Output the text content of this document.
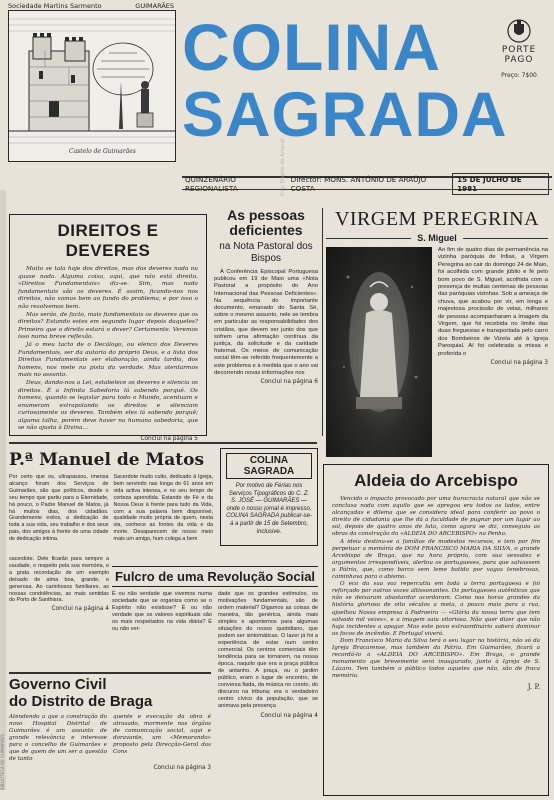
Sociedade Martins Sarmento	GUIMARÃES
Castelo de Guimarães
COLINA
SAGRADA
PORTE
PAGO
Preço: 7$00
QUINZENÁRIO REGIONALISTA
Director: MONS. ANTÓNIO DE ARAÚJO COSTA
15 DE JULHO DE 1981
BIBLIOTECA DE GUIMARÃES
Eng. Duarte do Amaral
DIREITOS E DEVERES
Muito se tala hoje dos direitos, mas dos deveres nada ou quase nada. Alguma coisa, aqui, que não está direito. «Direitos Fundamentais» diz-se. Sim, mas nada fundamentais são os deveres. É assim, ficando-nos nos direitos, não vamos bem ao fundo do problema, e por isso o não resolvemos bem.
Mas serão, de facto, mais fundamentais os deveres que os direitos? Estando estes em segundo lugar depois daqueles? Primeiro que o direito estará o dever? Certamente. Veremos isso numa breve reflexão.
Já o meu tacto de o Decálogo, ou elenco dos Deveres Fundamentais, ser da autoria do próprio Deus, e a lista dos Direitos Fundamentais ser elaboração, ainda tardia, dos homens, nos mete na pista da verdade. Mas atentarmos mais no assunto.
Deus, dando-nos a Lei, estabelece os deveres e silencia os direitos. É a Infinita Sabedoria lá sabendo porquê. Os homens, quando se legislar para todo o Mundo, acentuam e enumeram extrapolando os direitos e silenciam curiosamente os deveres. Também eles lá sabendo porquê; alguma talha, porém deve haver na humana sabedoria, que se não ajusta à Divina...
Conclui na página 5
As pessoas deficientes
na Nota Pastoral dos Bispos
A Conferência Episcopal Portuguesa publicou em 19 de Maio uma «Nota Pastoral a propósito do Ano Internacional das Pessoas Deficientes». Na sequência do importante documento, emanado do Santa Sé, sobre o mesmo assunto, nele se lembra em particular as responsabilidades dos cristãos, que devem ser junto dos que sofrem uma afirmação contínua da justiça, da solicitude e da caridade fraternal. Os meios de comunicação social têm-se referido frequentemente a este problema e à medida que o ano vai decorrendo novas informações nos
Conclui na página 6
VIRGEM PEREGRINA
S. Miguel
Ao fim de quatro dias de permanência na vizinha paróquia de Infias, a Virgem Peregrina ao cair do domingo 24 de Maio, foi acolhida com grande júbilo e fé pelo bom povo de S. Miguel, acolhida com a presença de muitas centenas de pessoas das paróquias vizinhas. Sob a ameaça de chuva, que acabou por vir, em longa e majestosa procissão de velas, milhares de pessoas acompanharam a Imagem da Virgem, que foi recebida no limite das duas freguesias e transportada pelo carro dos Bombeiros de Vizela até à Igreja Paroquial. Aí foi celebrada a missa e proferida o
Conclui na página 3
P.ª Manuel de Matos
Por certo que os, ultrapassou, imensa alcanço foram dos Serviços de Guimarães, são que políticos, desde o seu tempo que partiu para a Eternidade, há pouco, o Padre Manuel de Matos, já há muitos dias, dos cidadãos. Grandemente exilos, a dedicação de toda a sua vida, seu trabalho e dos seus pais, dos amigos à frente de uma cidade de dedicação intima.
Sacerdote muito culto, dedicado à Igreja, bem servindo nas longa de 61 anos em vida activa intensa, e no seu tempo de certeza aprendida. Estando de Fé e da Nossa Deus à frente para tudo da Vida, com a sua palavra bem disponível, qualidade muito própria de quem, nesta via, conhece as fontes da vida e da morte. Desaparecem de nosso meio mais um amigo, hum colega a bem
COLINA SAGRADA
Por motivo de Férias nos Serviços Tipográficos do C. Z. S. JOSÉ — GUIMARÃES — onde o nosso jornal é impresso, COLINA SAGRADA publicar-se-á a partir de 15 de Setembro, inclusive.
Aldeia do Arcebispo
Vencido o impacto provocado por uma burocracia natural que não se conclusa nada com aquilo que se apregoa era todos os lados, entre alcançadas e dilema que se considera ideal para conferir ao povo o direito de cidadania que lhe dá a faculdade de pugnar por um lugar ao sol, depois de quatro anos de luta, como agora se diz, conseguiu as obras da construção da «ALDEIA DO ARCEBISPO» na Penha.
A ideia destina-se a famílias de modestos recursos, e tem por fim perpetuar a memória de DOM FRANCISCO MARIA DA SILVA, o grande Arcebispo de Braga, que na hora própria, com sua sensatez e argumentos irrespondíveis, alertou os portugueses, para que salvassem a Pátria, que, como barco sem leme batido por vagas tenebrosas, caminhava para o abismo.
O eco da sua voz repercutiu em toda a terra portuguesa e foi reforçado por outras vozes altissonantes. Os portugueses autênticos que não se deixaram abastardar acordaram. Como nas horas grandes da história gloriosa de oito séculos a meta, a pouco mais para a rua, ajoelhou Nossa empresa à Padroeira — «Glória da nossa terra que tem salvado mil vezes», e a imagem saiu vitoriosa. Não quer dizer que não haja incidentes a apagar. Mas este povo extraordinário saberá dominar os focos de incêndio. E Portugal viverá.
Dom Francisco Maria da Silva terá o seu lugar na história, não só da Igreja Bracarense, mas também da Pátria. Em Guimarães, ficará a recordá-lo a «ALDEIA DO ARCEBISPO». Em Braga, o grande monumento que brevemente será inaugurado, junto à Igreja de S. Lázaro. Tem também o público todos aqueles que não, são de fraca memória.
J. P.
Fulcro de uma Revolução Social
É ou não verdade que vivemos numa sociedade que se organiza como se o Espírito não existisse? É ou não verdade que os valores espirituais são os mais respeitados na vida diária? É ou não ver-
dade que os grandes estímulos, os motivações fundamentais, são de ordem material? Digamos as coisas de maneira, tão genérica, ainda mais simples e apontemos para algumas situações do nosso quotidiano, que podem ser sintomáticas. O lazer já foi a experiência de estar num centro comercial. Os centros comerciais têm tendência para se tornarem, na nossa época, naquilo que era a praça pública de antanho. A praça, ou o jardim público, eram o lugar de encontro, de conversa fiada, da música no coreto, do discurso na tribuna; era o verdadeiro centro cívico da população, que se animava pela presença
Conclui na página 4
Governo Civil
do Distrito de Braga
Atendendo a que a construção do novo Hospital Distrital de Guimarães é um assunto de grande relevância e interesse para o concelho de Guimarães e que de quem de um ser a questão de tanto
quente e execução da obra é atrasado, mormente nos órgãos de comunicação social, aqui e doravante, um «Memorando» proposto pela Direcção-Geral das Cons
Conclui na página 3
sacerdote. Dele ficarão para sempre a saudade, o respeito pela sua memória, e a grata recordação de um exemplo deixado de alma boa, grande, e generosa. Ao carinhosos familiares, as nossas condolências, as mais sentidas do Porto de Santhiara.
Conclui na página 4
